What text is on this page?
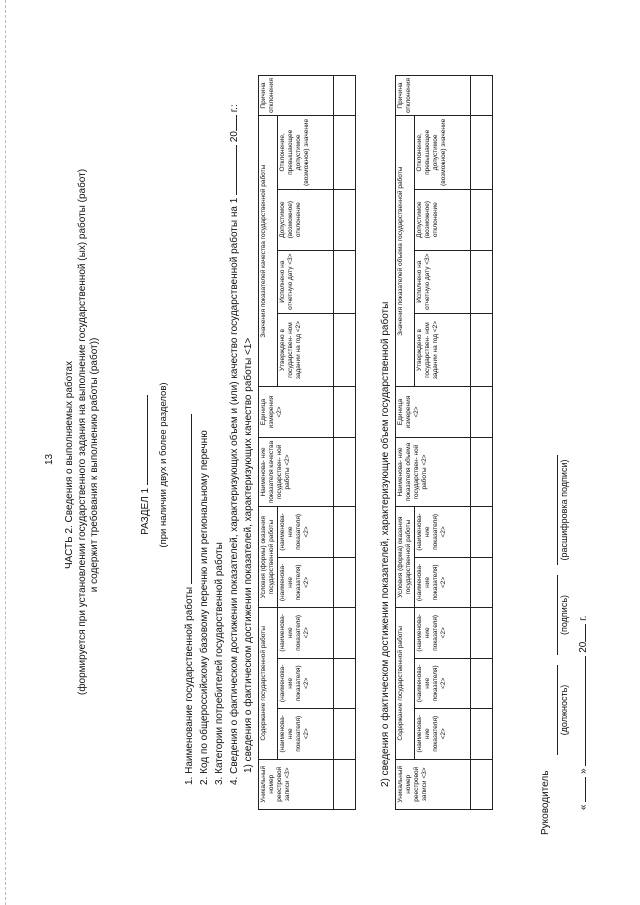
13 ЧАСТЬ 2. Сведения о выполняемых работах (формируется при установлении государственного задания на выполнение государственной (ых) работы (работ) и содержит требования к выполнению работы (работ))	РАЗДЕЛ 1 (при наличии двух и более разделов)
1. Наименование государственной работы 2. Код по общероссийскому базовому перечню или региональному перечню 3. Категории потребителей государственной работы 4. Сведения о фактическом достижении показателей, характеризующих объем и (или) качество государственной работы на 1  20 г.:
1) сведения о фактическом достижении показателей, характеризующих качество работы <1>
Уникальный номер реестровой записи <3>	Содержание государственной работы			Условия (формы) оказания государственной работы		Наименова- ние показателя качества государствен- ной работы <2>	Единица измерения <2>	Значения показателей качества государственной работы				Причина отклонения
	(наименова- ние показателя) <2>	(наименова- ние показателя) <2>	(наименова- ние показателя) <2>	(наименова- ние показателя) <2>	(наименова- ние показателя) <2>			Утверждено в государствен- ном задании на год <2>	Исполнено на отчетную дату <3>	Допустимое (возможное) отклонение	Отклонение, превышающее допустимое (возможное) значение	

2) сведения о фактическом достижении показателей, характеризующие объем государственной работы Уникальный номер реестровой записи <3>	Содержание государственной работы			Условия (форма) оказания государственной работы		Наименова- ние показателя объема государствен- ной работы <2>	Единица измерения <2>	Значения показателей объема государственной работы				Причина отклонения
	(наименова- ние показателя) <2>	(наименова- ние показателя) <2>	(наименова- ние показателя) <2>	(наименова- ние показателя) <2>	(наименова- ние показателя) <2>			Утверждено в государствен- ном задании на год <2>	Исполнено на отчетную дату <3>	Допустимое (возможное) отклонение	Отклонение, превышающее допустимое (возможное) значение	

Руководитель
(должность)
(подпись)
(расшифровка подписи)
«  »  20 г.
